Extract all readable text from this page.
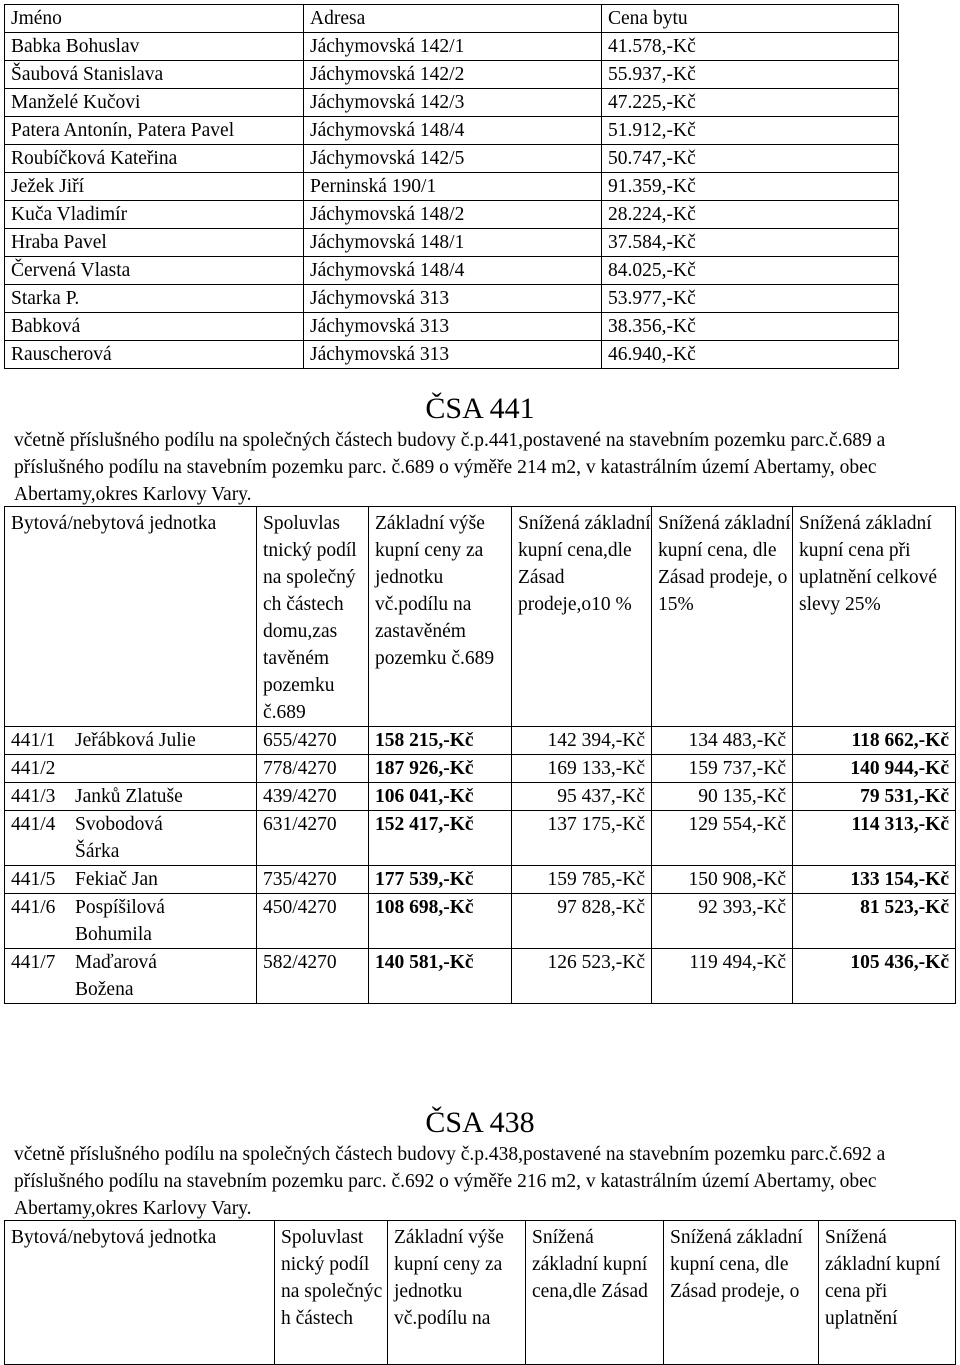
Jméno	Adresa	Cena bytu
Babka Bohuslav	Jáchymovská 142/1	41.578,-Kč
Šaubová Stanislava	Jáchymovská 142/2	55.937,-Kč
Manželé Kučovi	Jáchymovská 142/3	47.225,-Kč
Patera Antonín, Patera Pavel	Jáchymovská 148/4	51.912,-Kč
Roubíčková Kateřina	Jáchymovská 142/5	50.747,-Kč
Ježek Jiří	Perninská 190/1	91.359,-Kč
Kuča Vladimír	Jáchymovská 148/2	28.224,-Kč
Hraba Pavel	Jáchymovská 148/1	37.584,-Kč
Červená Vlasta	Jáchymovská 148/4	84.025,-Kč
Starka P.	Jáchymovská 313	53.977,-Kč
Babková	Jáchymovská 313	38.356,-Kč
Rauscherová	Jáchymovská 313	46.940,-Kč
ČSA 441

včetně příslušného podílu na společných částech budovy č.p.441,postavené na stavebním pozemku parc.č.689 a příslušného podílu na stavebním pozemku parc. č.689 o výměře 214 m2, v katastrálním území Abertamy, obec Abertamy,okres Karlovy Vary.

Bytová/nebytová jednotka	Spoluvlas tnický podíl na společný ch částech domu,zas tavěném pozemku č.689	Základní výše kupní ceny za jednotku vč.podílu na zastavěném pozemku č.689	Snížená základní kupní cena,dle Zásad prodeje,o10 %	Snížená základní kupní cena, dle Zásad prodeje, o 15%	Snížená základní kupní cena při uplatnění celkové slevy 25%

441/1 Jeřábková Julie	655/4270	158 215,-Kč	142 394,-Kč	134 483,-Kč	118 662,-Kč

441/2	778/4270	187 926,-Kč	169 133,-Kč	159 737,-Kč	140 944,-Kč

441/3 Janků Zlatuše	439/4270	106 041,-Kč	95 437,-Kč	90 135,-Kč	79 531,-Kč

441/4 Svobodová Šárka	631/4270	152 417,-Kč	137 175,-Kč	129 554,-Kč	114 313,-Kč

441/5 Fekiač Jan	735/4270	177 539,-Kč	159 785,-Kč	150 908,-Kč	133 154,-Kč

441/6 Pospíšilová Bohumila	450/4270	108 698,-Kč	97 828,-Kč	92 393,-Kč	81 523,-Kč

441/7 Maďarová Božena	582/4270	140 581,-Kč	126 523,-Kč	119 494,-Kč	105 436,-Kč
ČSA 438

včetně příslušného podílu na společných částech budovy č.p.438,postavené na stavebním pozemku parc.č.692 a příslušného podílu na stavebním pozemku parc. č.692 o výměře 216 m2, v katastrálním území Abertamy, obec Abertamy,okres Karlovy Vary.

Bytová/nebytová jednotka	Spoluvlast nický podíl na společnýc h částech	Základní výše kupní ceny za jednotku vč.podílu na	Snížená základní kupní cena,dle Zásad	Snížená základní kupní cena, dle Zásad prodeje, o	Snížená základní kupní cena při uplatnění
